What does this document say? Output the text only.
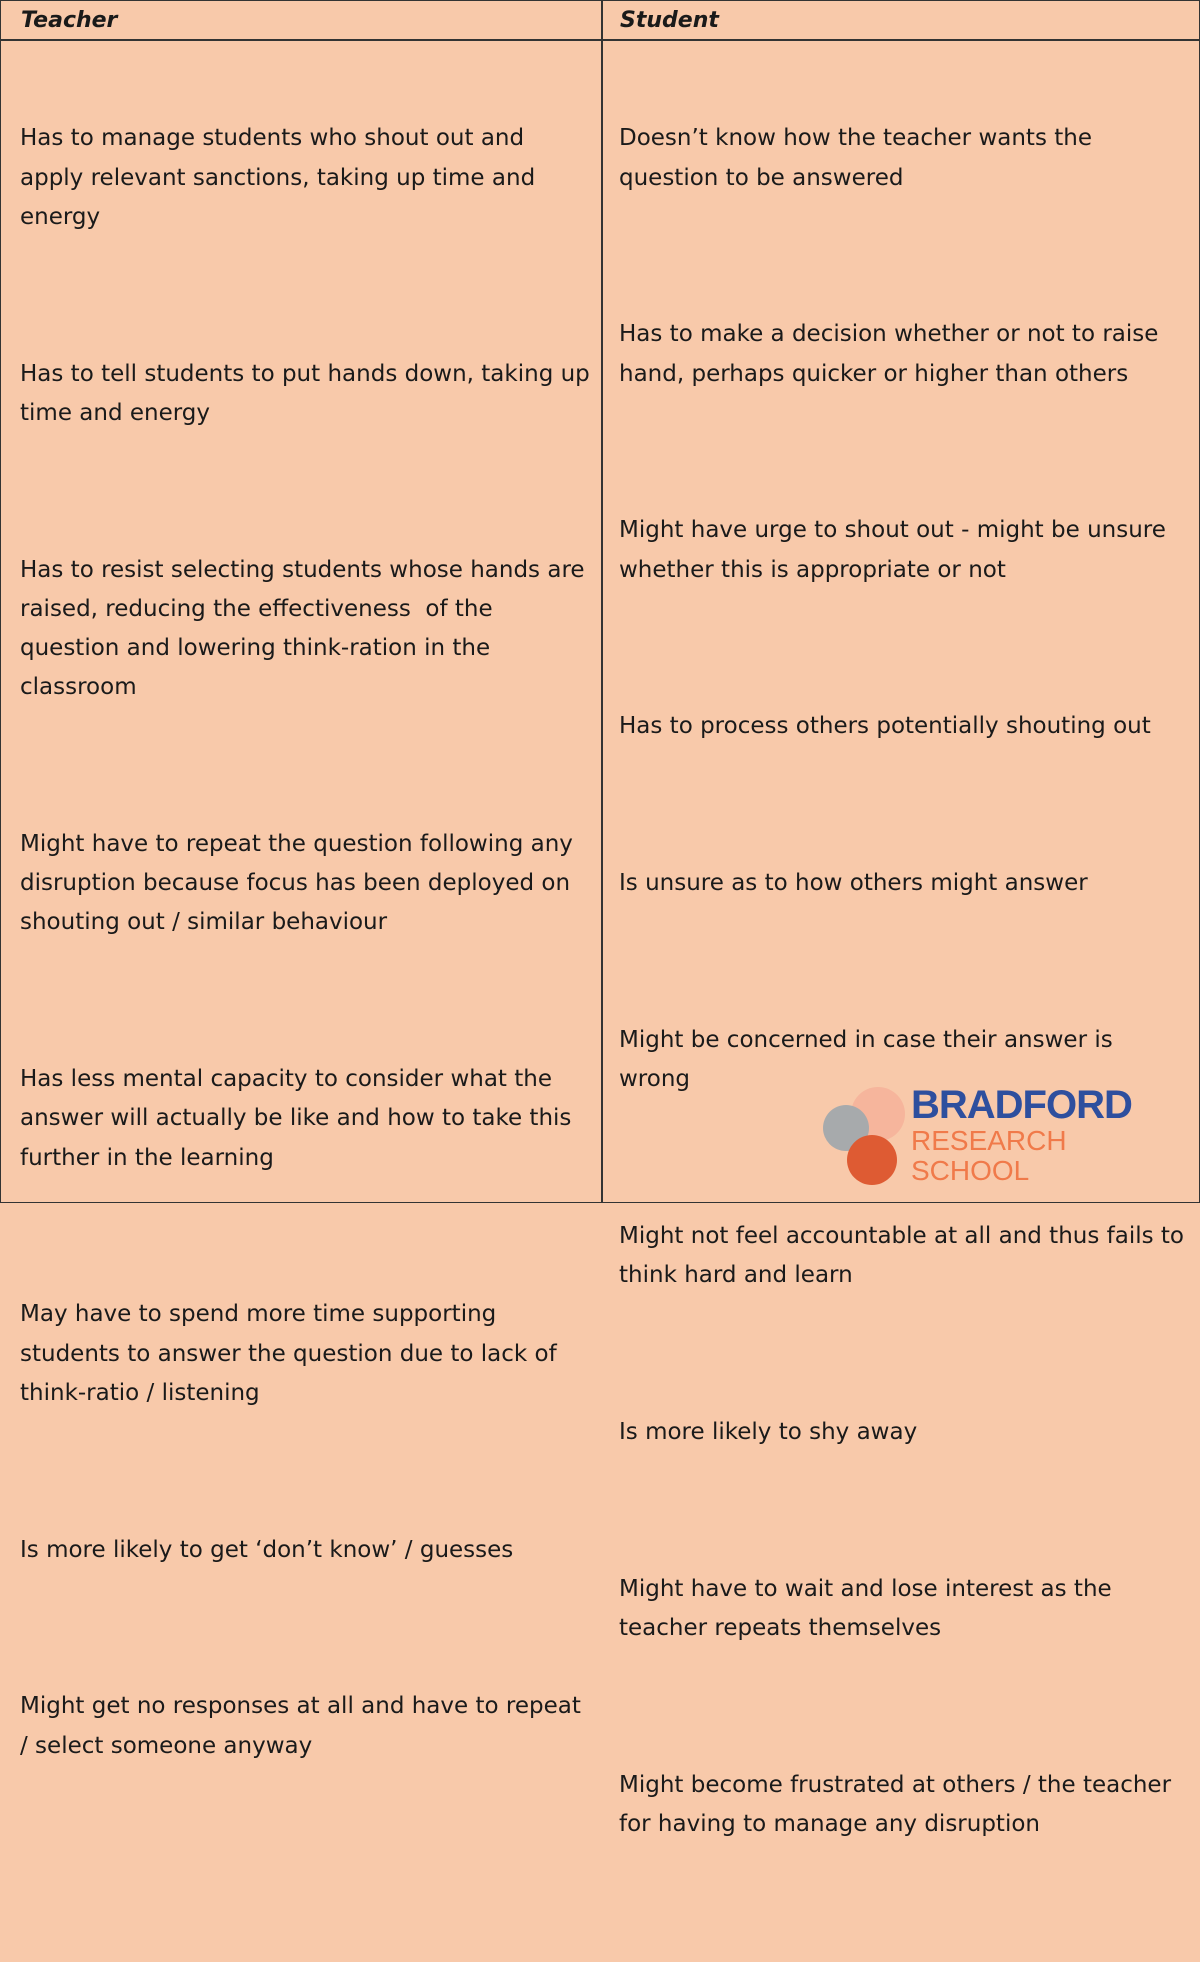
Teacher	Student

Has to manage students who shout out and apply relevant sanctions, taking up time and energy

Has to tell students to put hands down, taking up time and energy

Has to resist selecting students whose hands are raised, reducing the effectiveness  of the question and lowering think-ration in the classroom

Might have to repeat the question following any disruption because focus has been deployed on shouting out / similar behaviour

Has less mental capacity to consider what the answer will actually be like and how to take this further in the learning

May have to spend more time supporting students to answer the question due to lack of think-ratio / listening

Is more likely to get ‘don’t know’ / guesses

Might get no responses at all and have to repeat / select someone anyway

Doesn’t know how the teacher wants the question to be answered

Has to make a decision whether or not to raise hand, perhaps quicker or higher than others

Might have urge to shout out - might be unsure whether this is appropriate or not

Has to process others potentially shouting out

Is unsure as to how others might answer

Might be concerned in case their answer is wrong

Might not feel accountable at all and thus fails to think hard and learn

Is more likely to shy away

Might have to wait and lose interest as the teacher repeats themselves

Might become frustrated at others / the teacher for having to manage any disruption

BRADFORD
RESEARCH
SCHOOL
